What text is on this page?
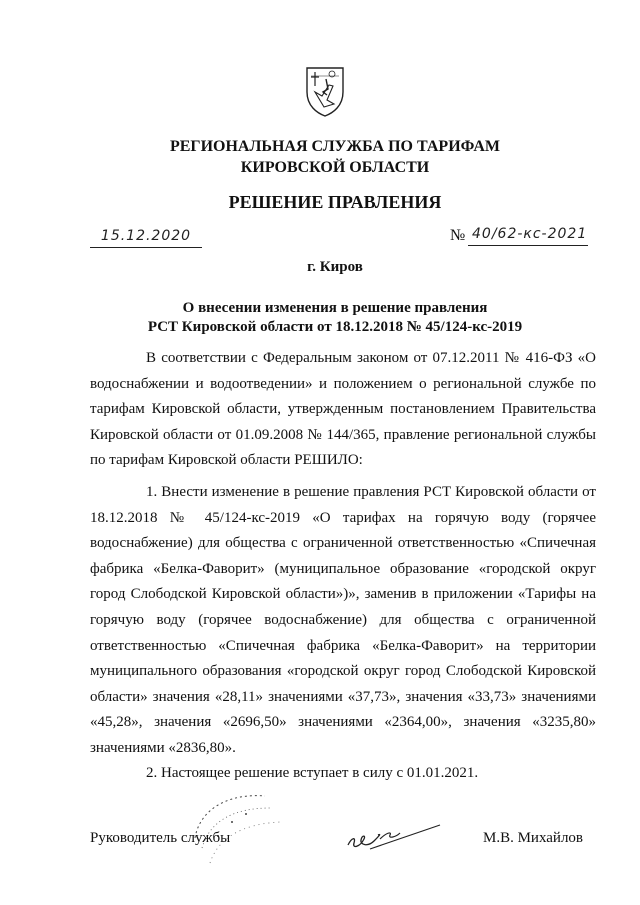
РЕГИОНАЛЬНАЯ СЛУЖБА ПО ТАРИФАМ
КИРОВСКОЙ ОБЛАСТИ
РЕШЕНИЕ ПРАВЛЕНИЯ
15.12.2020	№ 40/62-кс-2021
г. Киров
О внесении изменения в решение правления
РСТ Кировской области от 18.12.2018 № 45/124-кс-2019
В соответствии с Федеральным законом от 07.12.2011 № 416-ФЗ «О водоснабжении и водоотведении» и положением о региональной службе по тарифам Кировской области, утвержденным постановлением Правительства Кировской области от 01.09.2008 № 144/365, правление региональной службы по тарифам Кировской области РЕШИЛО:
1. Внести изменение в решение правления РСТ Кировской области от 18.12.2018 № 45/124-кс-2019 «О тарифах на горячую воду (горячее водоснабжение) для общества с ограниченной ответственностью «Спичечная фабрика «Белка-Фаворит» (муниципальное образование «городской округ город Слободской Кировской области»)», заменив в приложении «Тарифы на горячую воду (горячее водоснабжение) для общества с ограниченной ответственностью «Спичечная фабрика «Белка-Фаворит» на территории муниципального образования «городской округ город Слободской Кировской области» значения «28,11» значениями «37,73», значения «33,73» значениями «45,28», значения «2696,50» значениями «2364,00», значения «3235,80» значениями «2836,80».
2. Настоящее решение вступает в силу с 01.01.2021.
Руководитель службы	М.В. Михайлов
